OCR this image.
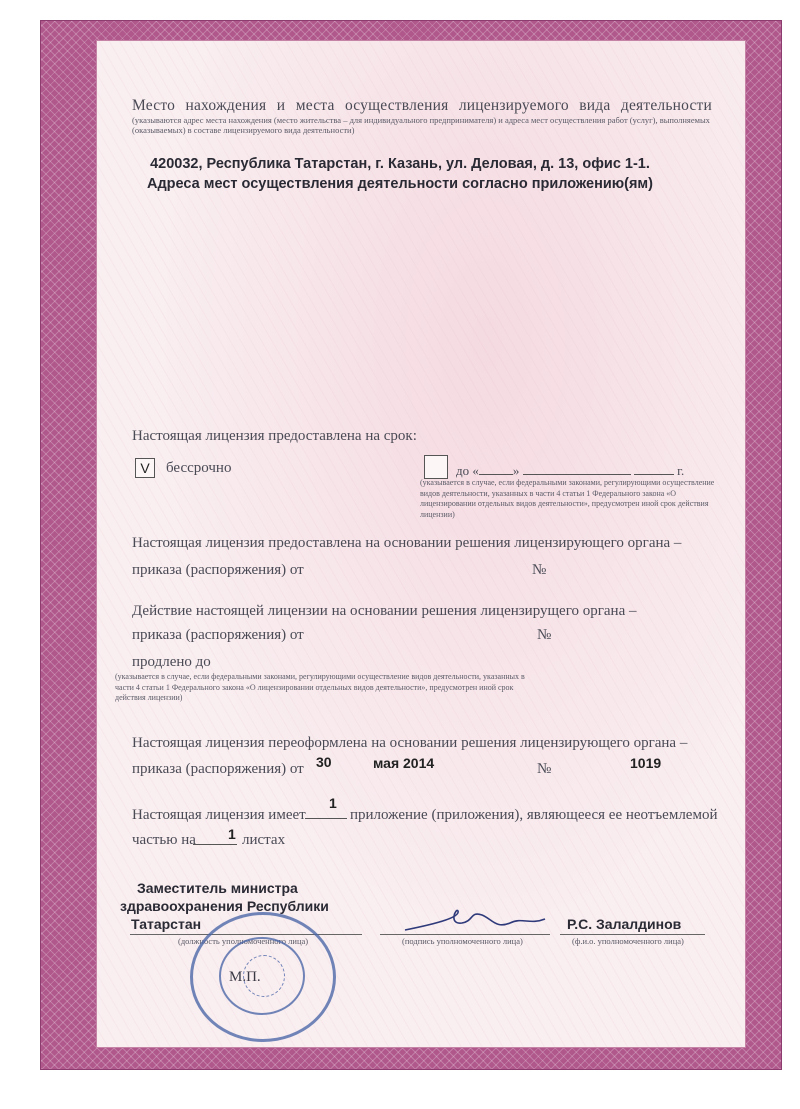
Место нахождения и места осуществления лицензируемого вида деятельности
(указываются адрес места нахождения (место жительства – для индивидуального предпринимателя) и адреса мест осуществления работ (услуг), выполняемых (оказываемых) в составе лицензируемого вида деятельности)
420032, Республика Татарстан, г. Казань, ул. Деловая, д. 13, офис 1-1.
Адреса мест осуществления деятельности согласно приложению(ям)
Настоящая лицензия предоставлена на срок:
V	бессрочно	до «	»	г.
(указывается в случае, если федеральными законами, регулирующими осуществление видов деятельности, указанных в части 4 статьи 1 Федерального закона «О лицензировании отдельных видов деятельности», предусмотрен иной срок действия лицензии)
Настоящая лицензия предоставлена на основании решения лицензирующего органа –
приказа (распоряжения) от	№
Действие настоящей лицензии на основании решения лицензирущего органа –
приказа (распоряжения) от	№
продлено до
(указывается в случае, если федеральными законами, регулирующими осуществление видов деятельности, указанных в части 4 статьи 1 Федерального закона «О лицензировании отдельных видов деятельности», предусмотрен иной срок действия лицензии)
Настоящая лицензия переоформлена на основании решения лицензирующего органа –
приказа (распоряжения) от 30	мая 2014	№	1019
Настоящая лицензия имеет
1
приложение (приложения), являющееся ее неотъемлемой
частью на 1 листах
Заместитель министра
здравоохранения Республики
Татарстан
(должность уполномоченного лица)	(подпись уполномоченного лица)
Р.С. Залалдинов
(ф.и.о. уполномоченного лица)
М.П.
